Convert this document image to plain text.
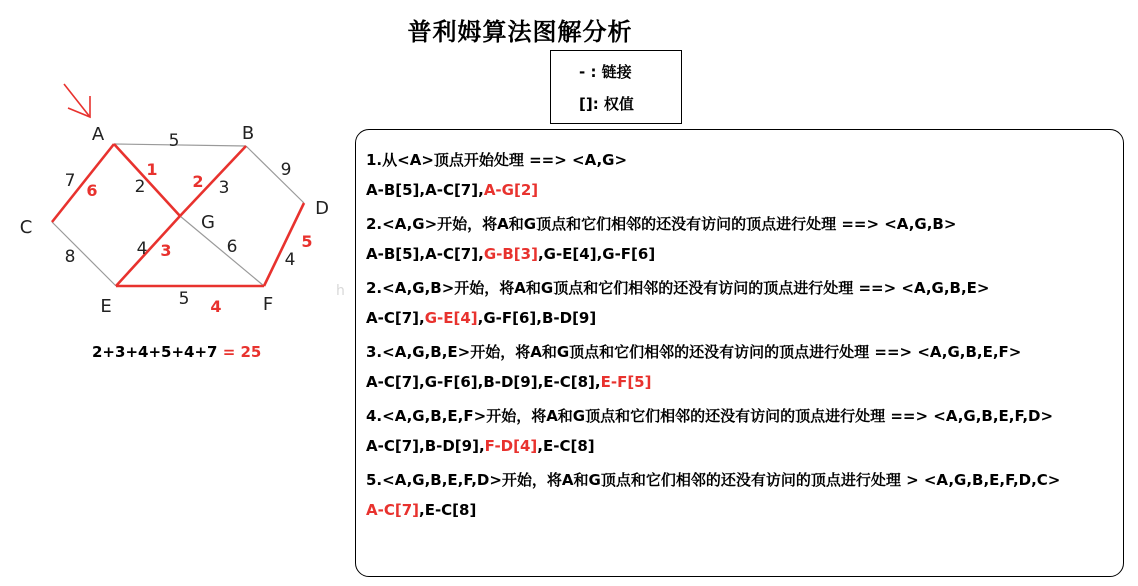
普利姆算法图解分析
- : 链接
[]: 权值
5
7 6 2
1
3
2
9
8	4 3	6
5 4
4
5
A	B
C
D
E	F
G
2+3+4+5+4+7 = 25
h
1.从<A>顶点开始处理 ==> <A,G>
A-B[5],A-C[7],A-G[2]
2.<A,G>开始，将A和G顶点和它们相邻的还没有访问的顶点进行处理 ==> <A,G,B>
A-B[5],A-C[7],G-B[3],G-E[4],G-F[6]
2.<A,G,B>开始，将A和G顶点和它们相邻的还没有访问的顶点进行处理 ==> <A,G,B,E>
A-C[7],G-E[4],G-F[6],B-D[9]
3.<A,G,B,E>开始，将A和G顶点和它们相邻的还没有访问的顶点进行处理 ==> <A,G,B,E,F>
A-C[7],G-F[6],B-D[9],E-C[8],E-F[5]
4.<A,G,B,E,F>开始，将A和G顶点和它们相邻的还没有访问的顶点进行处理 ==> <A,G,B,E,F,D>
A-C[7],B-D[9],F-D[4],E-C[8]
5.<A,G,B,E,F,D>开始，将A和G顶点和它们相邻的还没有访问的顶点进行处理 > <A,G,B,E,F,D,C>
A-C[7],E-C[8]
